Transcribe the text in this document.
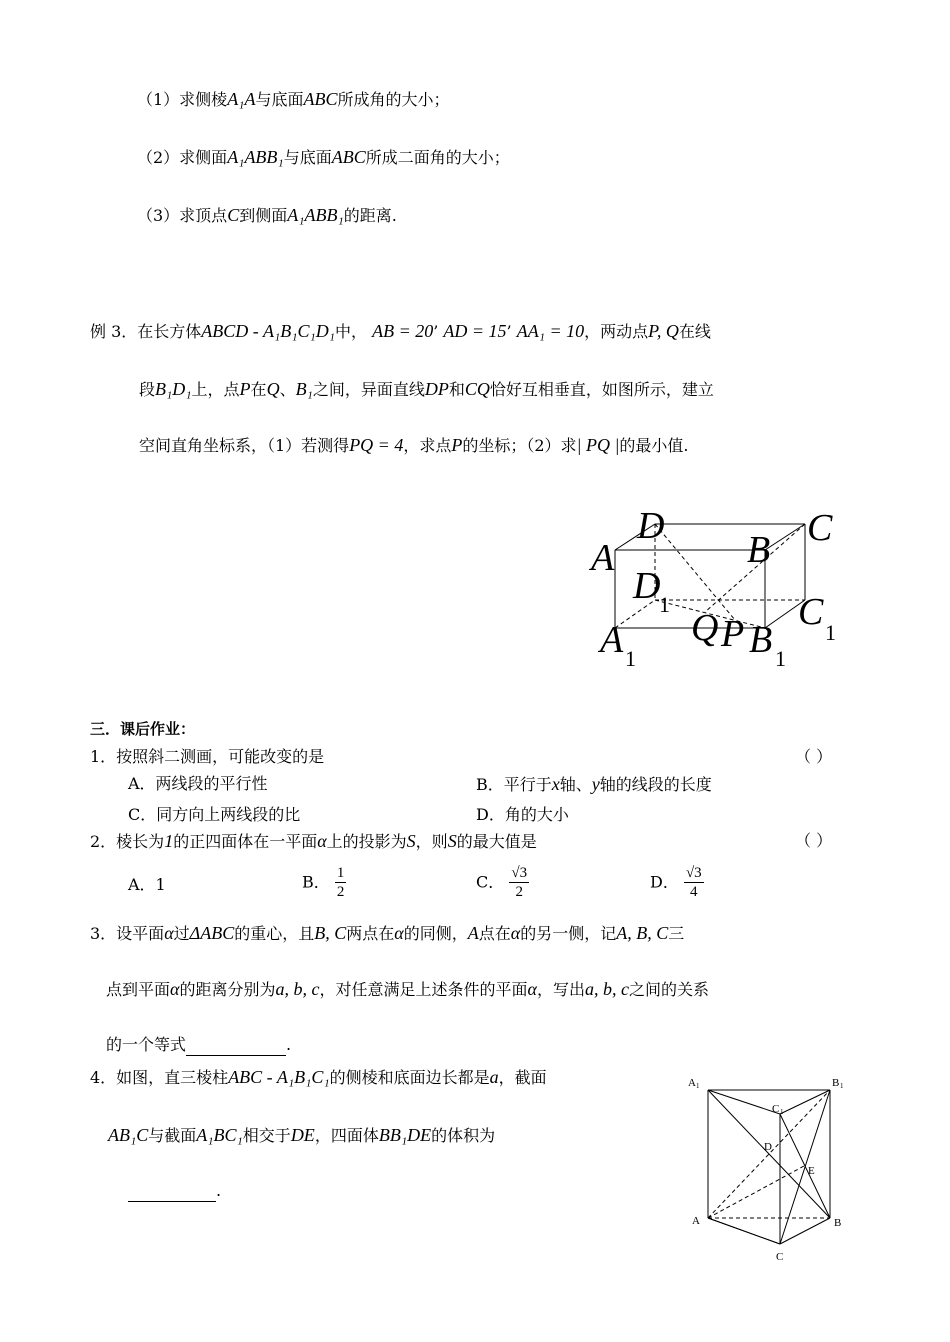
（1）求侧棱A₁A与底面ABC所成角的大小；
（2）求侧面A₁ABB₁与底面ABC所成二面角的大小；
（3）求顶点C到侧面A₁ABB₁的距离.
例 3．在长方体ABCD - A₁B₁C₁D₁中， AB = 20’ AD = 15’ AA₁ = 10，两动点P, Q在线
段B₁D₁上，点P在Q、B₁之间，异面直线DP和CQ恰好互相垂直，如图所示，建立
空间直角坐标系，（1）若测得PQ = 4，求点P的坐标；（2）求| PQ |的最小值.
D
B
C
A
D
C
A Q P B
1
1
1	1
三．课后作业：
1．按照斜二测画，可能改变的是	（ ）
A．两线段的平行性	B．平行于x轴、y轴的线段的长度
C．同方向上两线段的比	D．角的大小
2．棱长为1的正四面体在一平面α上的投影为S，则S的最大值是	（ ）
A．1	B． $\frac{1}{2}$	C． $\frac{√3}{2}$	D． $\frac{√3}{4}$
3．设平面α过ΔABC的重心，且B, C两点在α的同侧，A点在α的另一侧，记A, B, C三
点到平面α的距离分别为a, b, c，对任意满足上述条件的平面α，写出a, b, c之间的关系
的一个等式	.
4．如图，直三棱柱ABC - A₁B₁C₁的侧棱和底面边长都是a，截面
AB₁C与截面A₁BC₁相交于DE，四面体BB₁DE的体积为
.
A 1	B 1
C 1
D
E
A	B
C
